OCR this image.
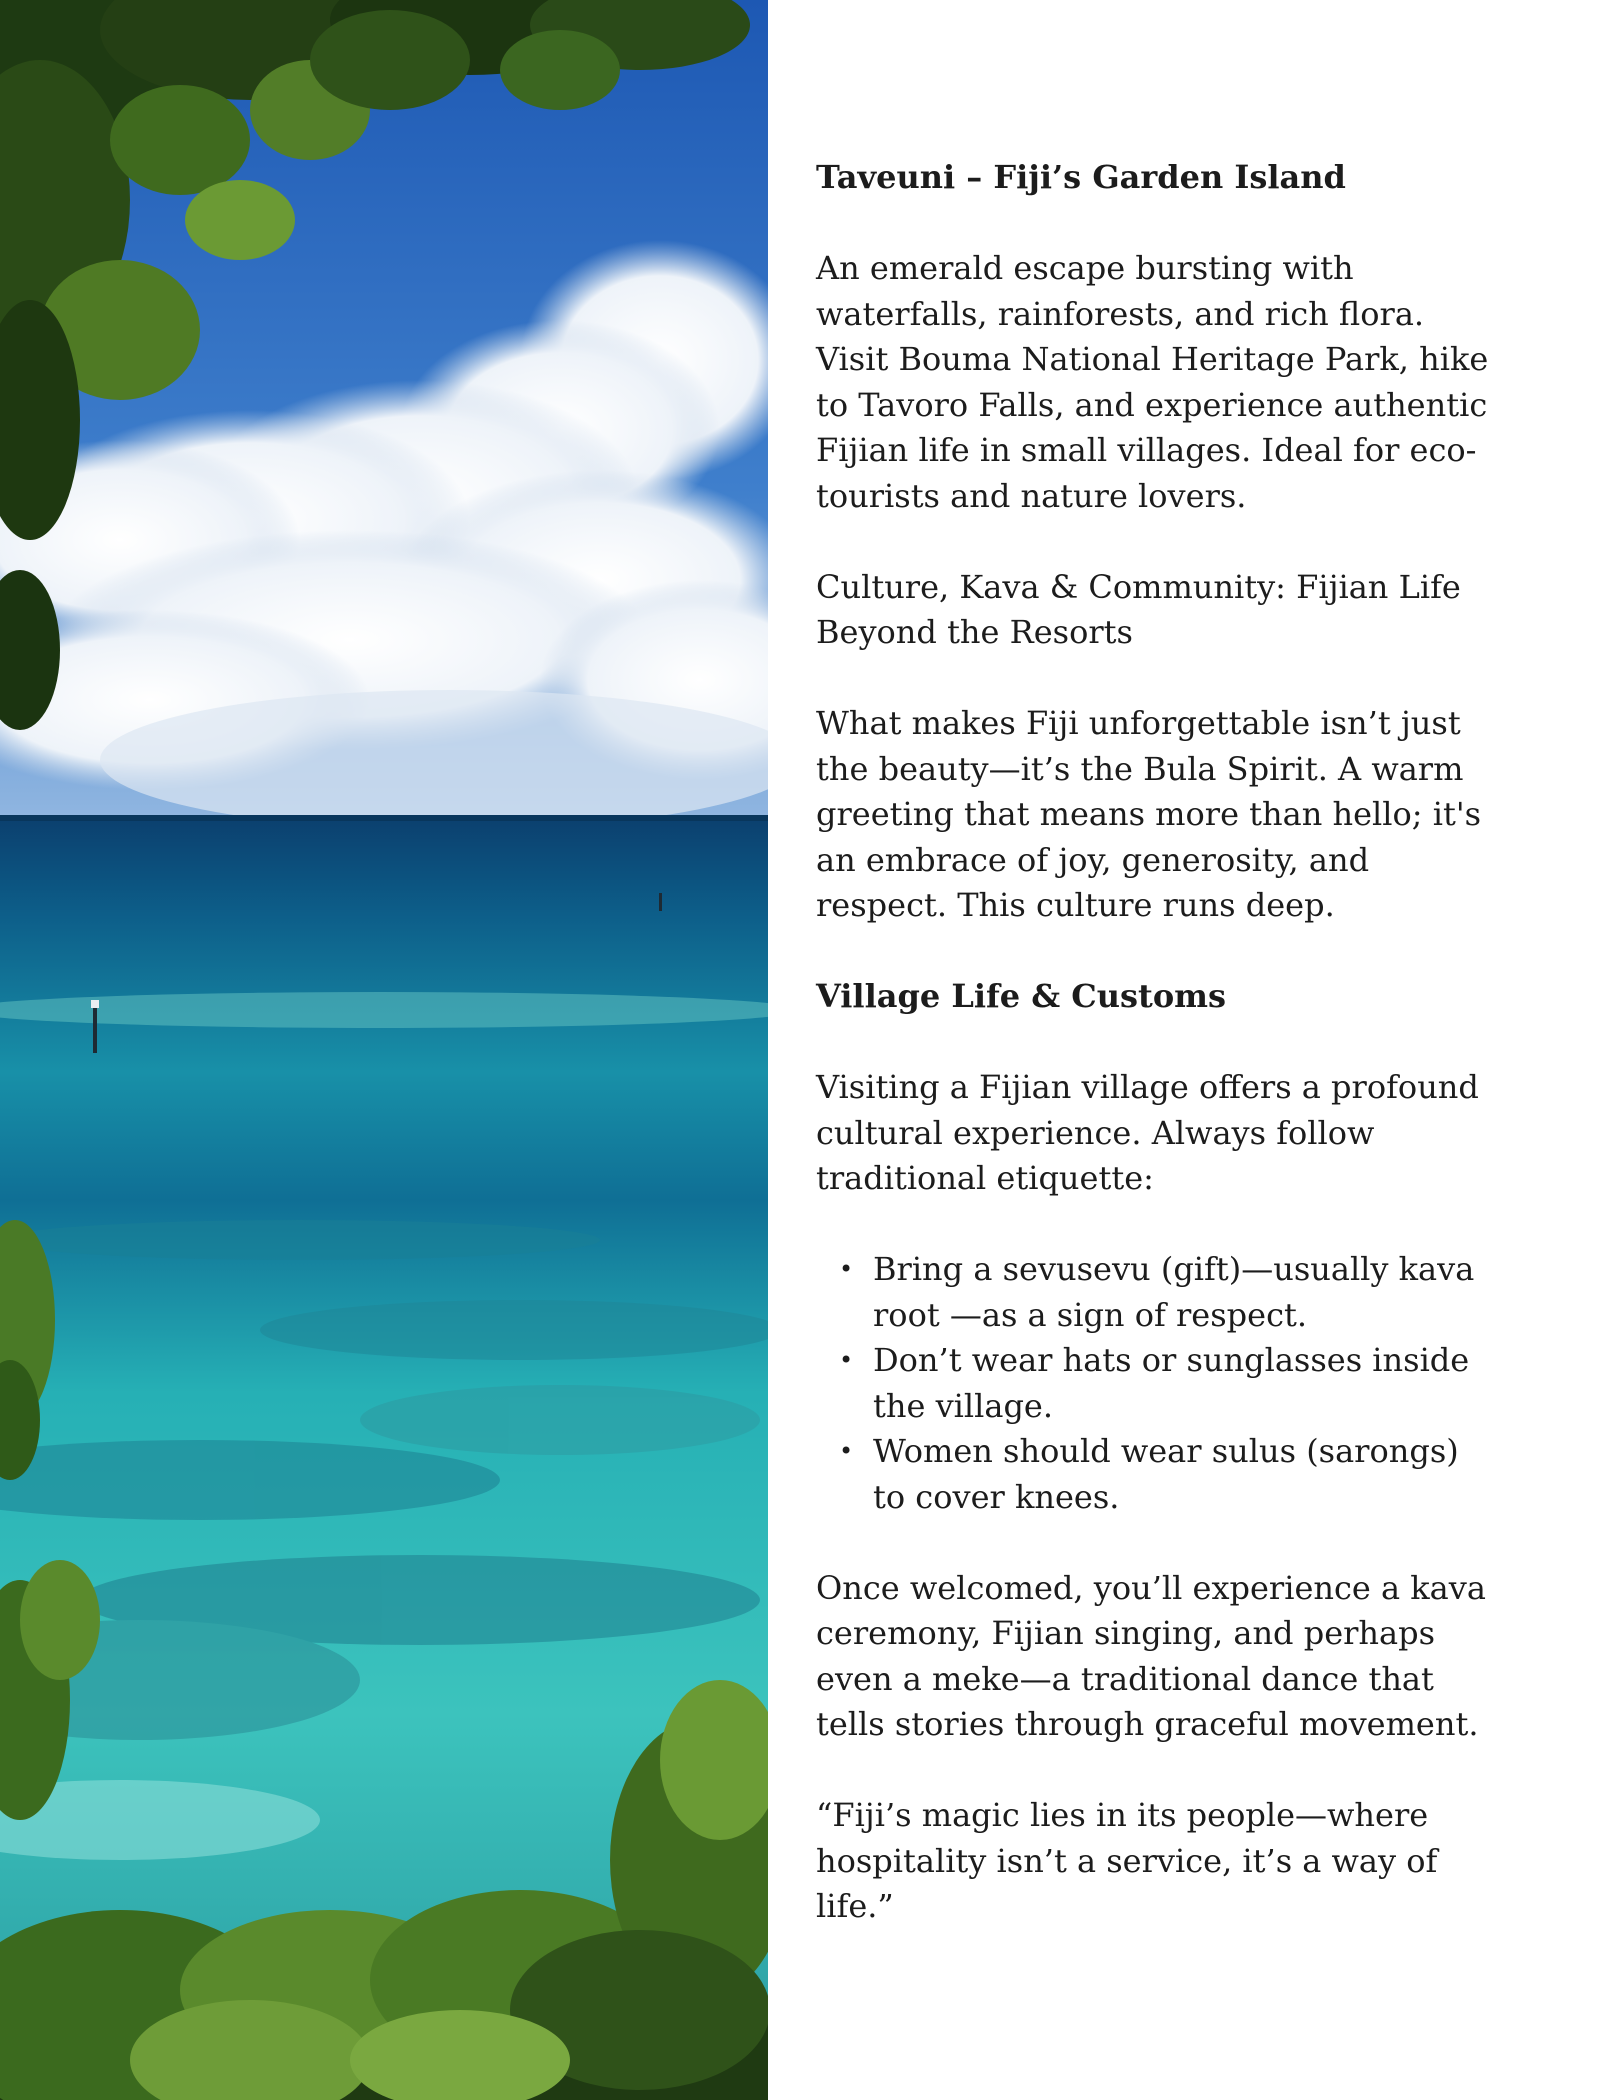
Taveuni – Fiji’s Garden Island

An emerald escape bursting with waterfalls, rainforests, and rich flora. Visit Bouma National Heritage Park, hike to Tavoro Falls, and experience authentic Fijian life in small villages. Ideal for eco-tourists and nature lovers.

Culture, Kava & Community: Fijian Life Beyond the Resorts

What makes Fiji unforgettable isn’t just the beauty—it’s the Bula Spirit. A warm greeting that means more than hello; it's an embrace of joy, generosity, and respect. This culture runs deep.

Village Life & Customs

Visiting a Fijian village offers a profound cultural experience. Always follow traditional etiquette:

• Bring a sevusevu (gift)—usually kava root —as a sign of respect.
• Don’t wear hats or sunglasses inside the village.
• Women should wear sulus (sarongs) to cover knees.

Once welcomed, you’ll experience a kava ceremony, Fijian singing, and perhaps even a meke—a traditional dance that tells stories through graceful movement.

“Fiji’s magic lies in its people—where hospitality isn’t a service, it’s a way of life.”
